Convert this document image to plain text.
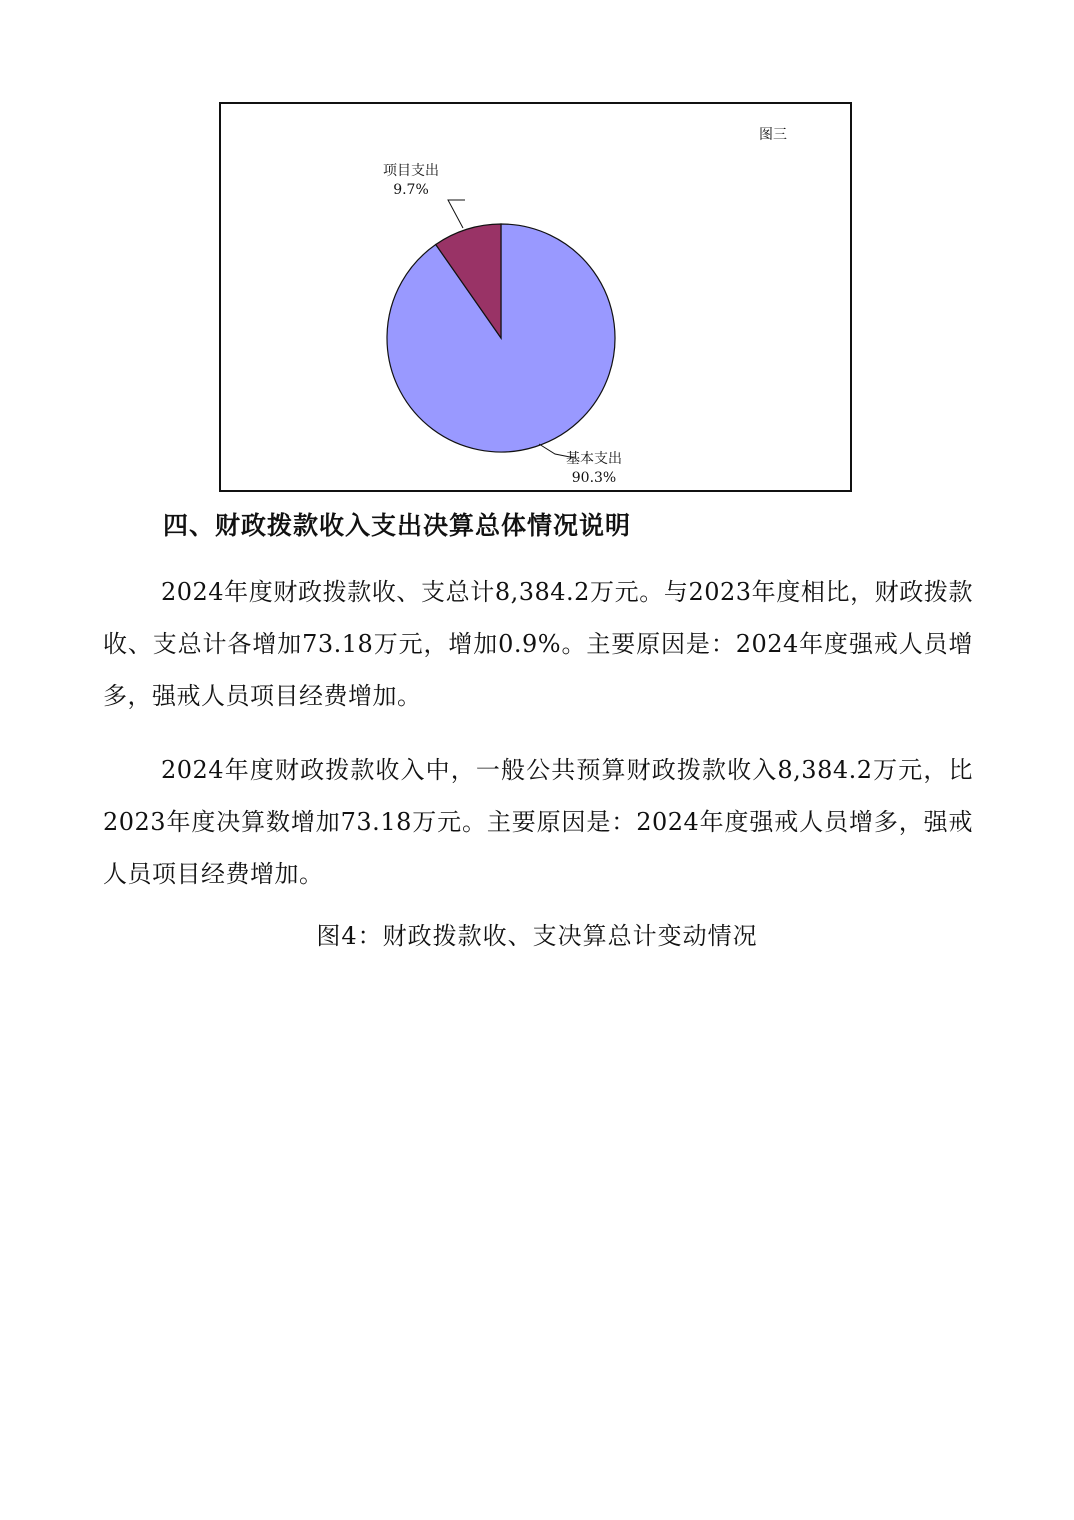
图三
项目支出
9.7%
基本支出
90.3%
四、财政拨款收入支出决算总体情况说明
2024年度财政拨款收、支总计8,384.2万元。与2023年度相比，财政拨款收、支总计各增加73.18万元，增加0.9%。主要原因是：2024年度强戒人员增多，强戒人员项目经费增加。
2024年度财政拨款收入中，一般公共预算财政拨款收入8,384.2万元，比2023年度决算数增加73.18万元。主要原因是：2024年度强戒人员增多，强戒人员项目经费增加。
图4：财政拨款收、支决算总计变动情况
